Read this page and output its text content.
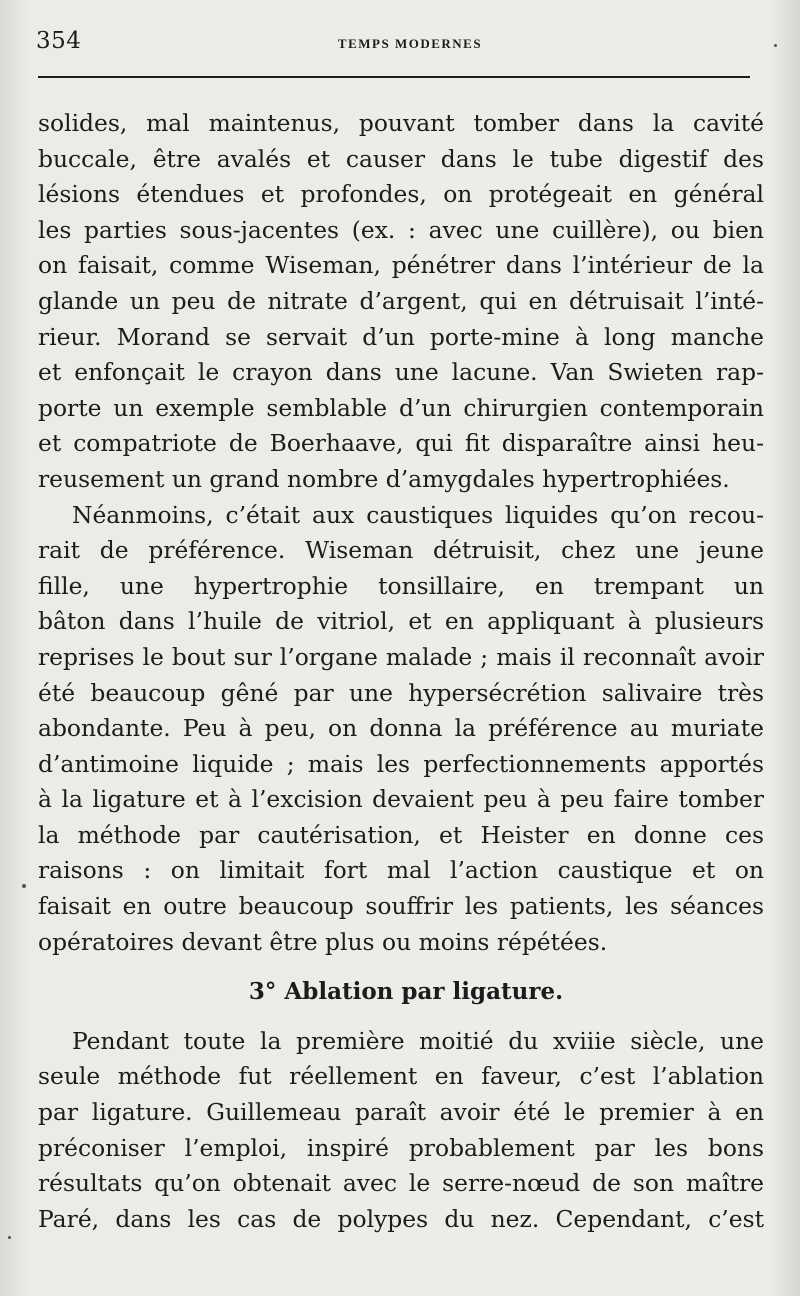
354	TEMPS MODERNES
solides, mal maintenus, pouvant tomber dans la cavité
buccale, être avalés et causer dans le tube digestif des
lésions étendues et profondes, on protégeait en général
les parties sous-jacentes (ex. : avec une cuillère), ou bien
on faisait, comme Wiseman, pénétrer dans l’intérieur de la
glande un peu de nitrate d’argent, qui en détruisait l’inté-
rieur. Morand se servait d’un porte-mine à long manche
et enfonçait le crayon dans une lacune. Van Swieten rap-
porte un exemple semblable d’un chirurgien contemporain
et compatriote de Boerhaave, qui fit disparaître ainsi heu-
reusement un grand nombre d’amygdales hypertrophiées.
Néanmoins, c’était aux caustiques liquides qu’on recou-
rait de préférence. Wiseman détruisit, chez une jeune
fille, une hypertrophie tonsillaire, en trempant un
bâton dans l’huile de vitriol, et en appliquant à plusieurs
reprises le bout sur l’organe malade ; mais il reconnaît avoir
été beaucoup gêné par une hypersécrétion salivaire très
abondante. Peu à peu, on donna la préférence au muriate
d’antimoine liquide ; mais les perfectionnements apportés
à la ligature et à l’excision devaient peu à peu faire tomber
la méthode par cautérisation, et Heister en donne ces
raisons : on limitait fort mal l’action caustique et on
faisait en outre beaucoup souffrir les patients, les séances
opératoires devant être plus ou moins répétées.
3° Ablation par ligature.
Pendant toute la première moitié du xviiie siècle, une
seule méthode fut réellement en faveur, c’est l’ablation
par ligature. Guillemeau paraît avoir été le premier à en
préconiser l’emploi, inspiré probablement par les bons
résultats qu’on obtenait avec le serre-nœud de son maître
Paré, dans les cas de polypes du nez. Cependant, c’est
